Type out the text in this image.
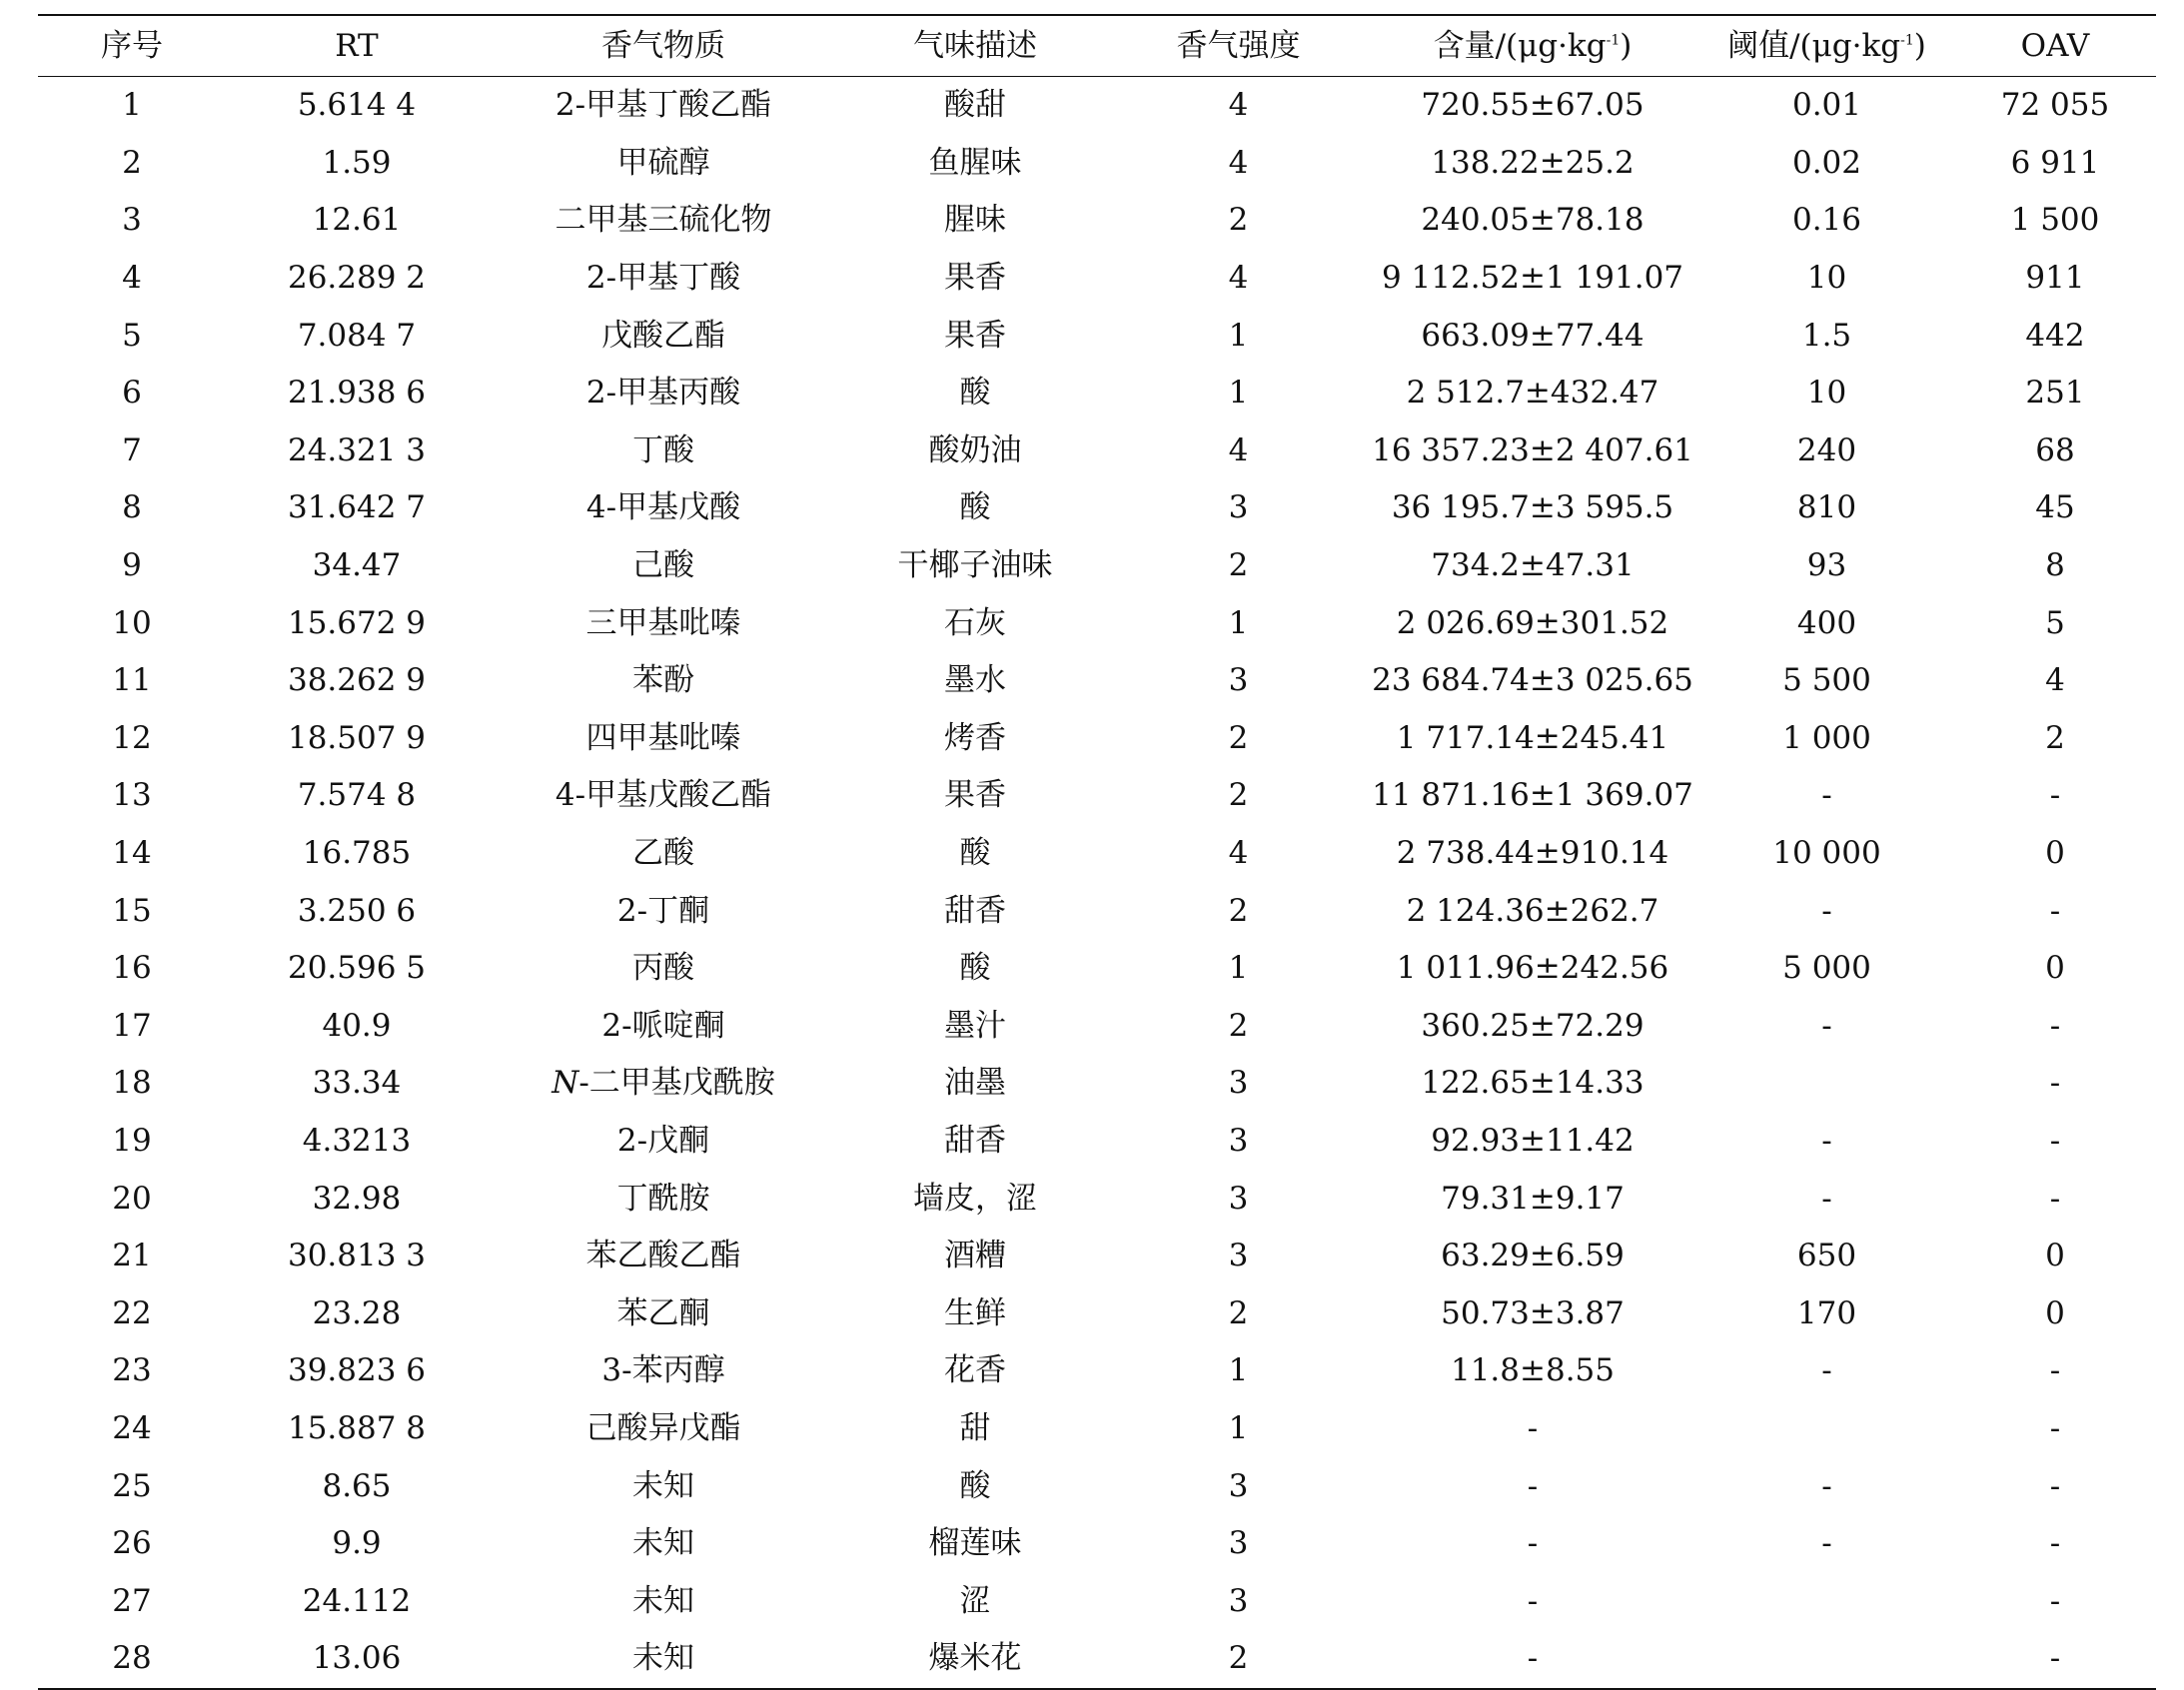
序号	RT	香气物质	气味描述	香气强度	含量$/(\mu g\cdot kg^{-1})$	阈值$/(\mu g\cdot kg^{-1})$	OAV
1	5.614 4	2-甲基丁酸乙酯	酸甜	4	720.55±67.05	0.01	72 055
2	1.59	甲硫醇	鱼腥味	4	138.22±25.2	0.02	6 911
3	12.61	二甲基三硫化物	腥味	2	240.05±78.18	0.16	1 500
4	26.289 2	2-甲基丁酸	果香	4	9 112.52±1 191.07	10	911
5	7.084 7	戊酸乙酯	果香	1	663.09±77.44	1.5	442
6	21.938 6	2-甲基丙酸	酸	1	2 512.7±432.47	10	251
7	24.321 3	丁酸	酸奶油	4	16 357.23±2 407.61	240	68
8	31.642 7	4-甲基戊酸	酸	3	36 195.7±3 595.5	810	45
9	34.47	己酸	干椰子油味	2	734.2±47.31	93	8
10	15.672 9	三甲基吡嗪	石灰	1	2 026.69±301.52	400	5
11	38.262 9	苯酚	墨水	3	23 684.74±3 025.65	5 500	4
12	18.507 9	四甲基吡嗪	烤香	2	1 717.14±245.41	1 000	2
13	7.574 8	4-甲基戊酸乙酯	果香	2	11 871.16±1 369.07	-	-
14	16.785	乙酸	酸	4	2 738.44±910.14	10 000	0
15	3.250 6	2-丁酮	甜香	2	2 124.36±262.7	-	-
16	20.596 5	丙酸	酸	1	1 011.96±242.56	5 000	0
17	40.9	2-哌啶酮	墨汁	2	360.25±72.29	-	-
18	33.34	N-二甲基戊酰胺	油墨	3	122.65±14.33		-
19	4.3213	2-戊酮	甜香	3	92.93±11.42	-	-
20	32.98	丁酰胺	墙皮，涩	3	79.31±9.17	-	-
21	30.813 3	苯乙酸乙酯	酒糟	3	63.29±6.59	650	0
22	23.28	苯乙酮	生鲜	2	50.73±3.87	170	0
23	39.823 6	3-苯丙醇	花香	1	11.8±8.55	-	-
24	15.887 8	己酸异戊酯	甜	1	-		-
25	8.65	未知	酸	3	-	-	-
26	9.9	未知	榴莲味	3	-	-	-
27	24.112	未知	涩	3	-		-
28	13.06	未知	爆米花	2	-		-
